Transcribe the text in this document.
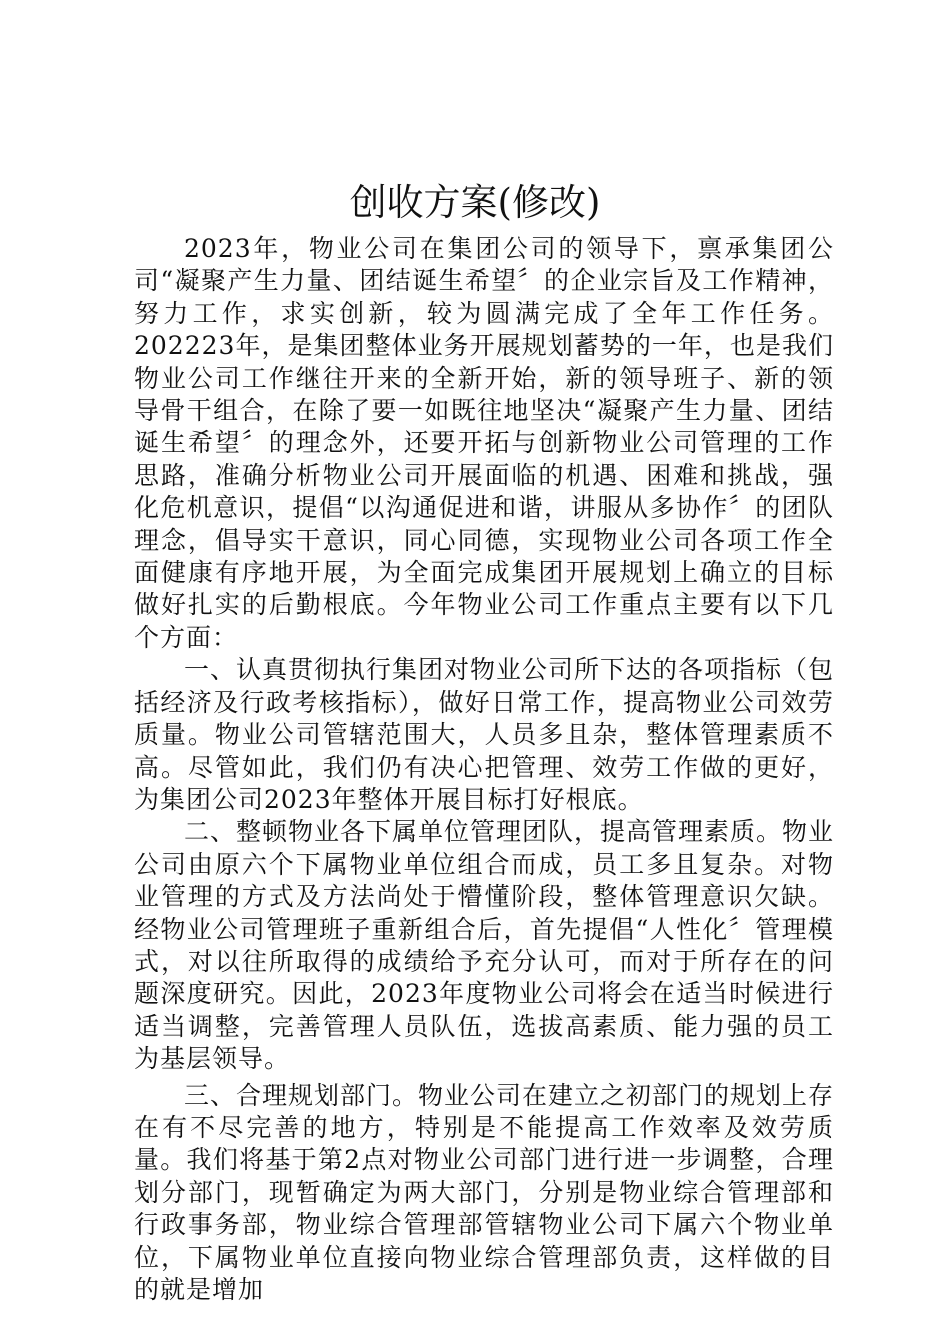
创收方案(修改)

2023年，物业公司在集团公司的领导下，禀承集团公司“凝聚产生力量、团结诞生希望〞的企业宗旨及工作精神，努力工作，求实创新，较为圆满完成了全年工作任务。202223年，是集团整体业务开展规划蓄势的一年，也是我们物业公司工作继往开来的全新开始，新的领导班子、新的领导骨干组合，在除了要一如既往地坚决“凝聚产生力量、团结诞生希望〞的理念外，还要开拓与创新物业公司管理的工作思路，准确分析物业公司开展面临的机遇、困难和挑战，强化危机意识，提倡“以沟通促进和谐，讲服从多协作〞的团队理念，倡导实干意识，同心同德，实现物业公司各项工作全面健康有序地开展，为全面完成集团开展规划上确立的目标做好扎实的后勤根底。今年物业公司工作重点主要有以下几个方面：

一、认真贯彻执行集团对物业公司所下达的各项指标（包括经济及行政考核指标），做好日常工作，提高物业公司效劳质量。物业公司管辖范围大，人员多且杂，整体管理素质不高。尽管如此，我们仍有决心把管理、效劳工作做的更好，为集团公司2023年整体开展目标打好根底。

二、整顿物业各下属单位管理团队，提高管理素质。物业公司由原六个下属物业单位组合而成，员工多且复杂。对物业管理的方式及方法尚处于懵懂阶段，整体管理意识欠缺。经物业公司管理班子重新组合后，首先提倡“人性化〞管理模式，对以往所取得的成绩给予充分认可，而对于所存在的问题深度研究。因此，2023年度物业公司将会在适当时候进行适当调整，完善管理人员队伍，选拔高素质、能力强的员工为基层领导。

三、合理规划部门。物业公司在建立之初部门的规划上存在有不尽完善的地方，特别是不能提高工作效率及效劳质量。我们将基于第2点对物业公司部门进行进一步调整，合理划分部门，现暂确定为两大部门，分别是物业综合管理部和行政事务部，物业综合管理部管辖物业公司下属六个物业单位，下属物业单位直接向物业综合管理部负责，这样做的目的就是增加
